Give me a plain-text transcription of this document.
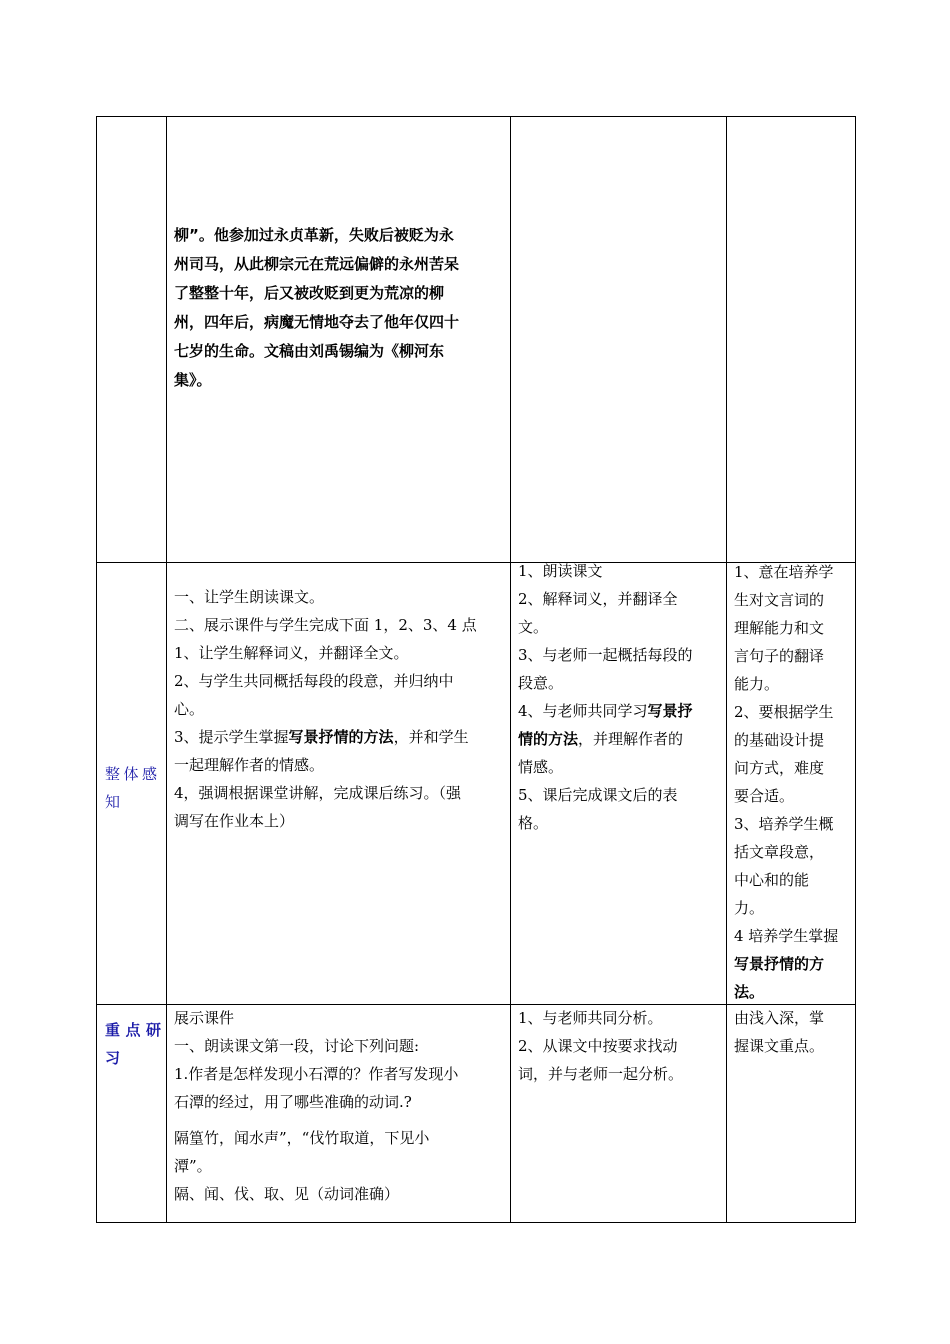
柳”。他参加过永贞革新，失败后被贬为永
州司马，从此柳宗元在荒远偏僻的永州苦呆
了整整十年，后又被改贬到更为荒凉的柳
州，四年后，病魔无情地夺去了他年仅四十
七岁的生命。文稿由刘禹锡编为《柳河东
集》。
整体感知
一、让学生朗读课文。
二、展示课件与学生完成下面 1，2、3、4 点
1、让学生解释词义，并翻译全文。
2、与学生共同概括每段的段意，并归纳中
心。
3、提示学生掌握写景抒情的方法，并和学生
一起理解作者的情感。
4，强调根据课堂讲解，完成课后练习。（强
调写在作业本上）
1、朗读课文
2、解释词义，并翻译全
文。
3、与老师一起概括每段的
段意。
4、与老师共同学习写景抒
情的方法，并理解作者的
情感。
5、课后完成课文后的表
格。
1、意在培养学
生对文言词的
理解能力和文
言句子的翻译
能力。
2、要根据学生
的基础设计提
问方式，难度
要合适。
3、培养学生概
括文章段意，
中心和的能
力。
4 培养学生掌握
写景抒情的方
法。
重点研习
展示课件
一、朗读课文第一段，讨论下列问题:
1.作者是怎样发现小石潭的？作者写发现小
石潭的经过，用了哪些准确的动词.?
隔篁竹，闻水声”，“伐竹取道，下见小
潭”。
隔、闻、伐、取、见（动词准确）
1、与老师共同分析。
2、从课文中按要求找动
词，并与老师一起分析。
由浅入深，掌
握课文重点。
